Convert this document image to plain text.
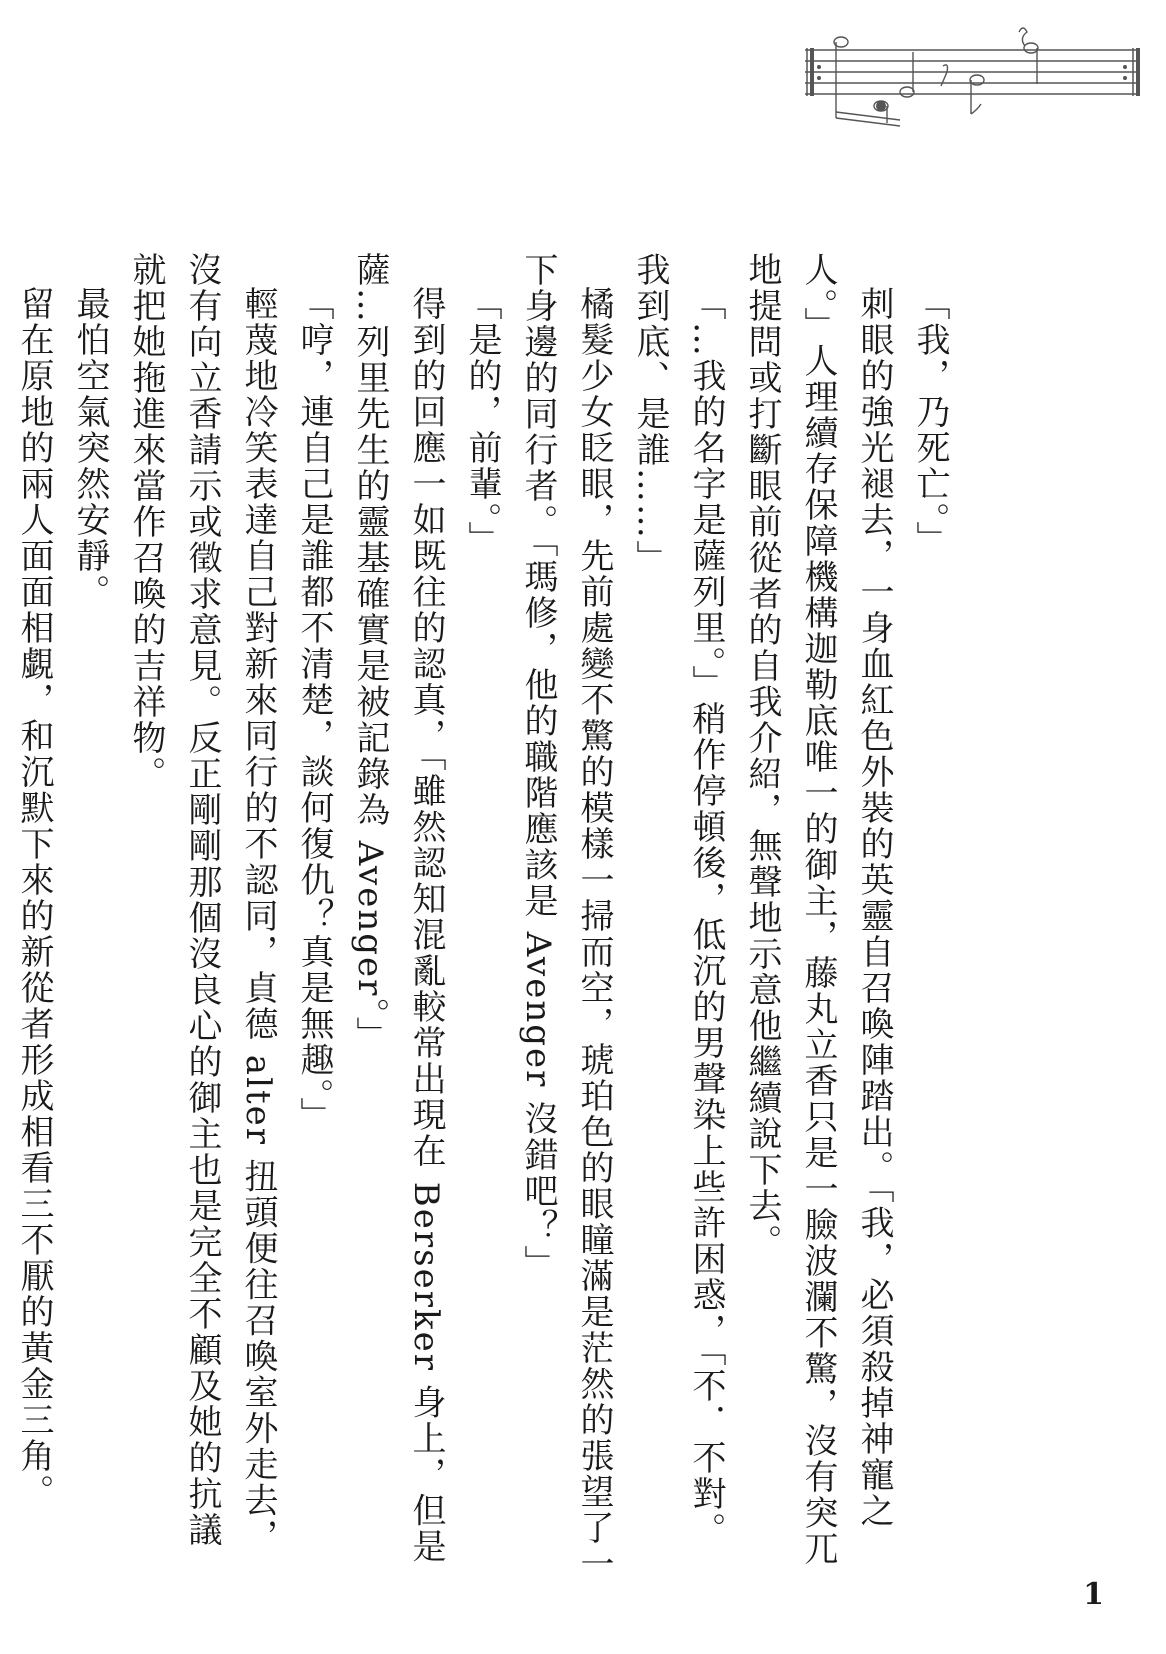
「我，乃死亡。」

刺眼的強光褪去，一身血紅色外裝的英靈自召喚陣踏出。「我，必須殺掉神寵之人。」人理續存保障機構迦勒底唯一的御主，藤丸立香只是一臉波瀾不驚，沒有突兀地提問或打斷眼前從者的自我介紹，無聲地示意他繼續說下去。

「…我的名字是薩列里。」稍作停頓後，低沉的男聲染上些許困惑，「不．不對。我到底、是誰……」

橘髮少女眨眼，先前處變不驚的模樣一掃而空，琥珀色的眼瞳滿是茫然的張望了一下身邊的同行者。「瑪修，他的職階應該是 Avenger 沒錯吧？」

「是的，前輩。」

得到的回應一如既往的認真，「雖然認知混亂較常出現在 Berserker 身上，但是薩…列里先生的靈基確實是被記錄為 Avenger。」

「哼，連自己是誰都不清楚，談何復仇？真是無趣。」

輕蔑地冷笑表達自己對新來同行的不認同，貞德 alter 扭頭便往召喚室外走去，沒有向立香請示或徵求意見。反正剛剛那個沒良心的御主也是完全不顧及她的抗議就把她拖進來當作召喚的吉祥物。

最怕空氣突然安靜。

留在原地的兩人面面相覷，和沉默下來的新從者形成相看三不厭的黃金三角。

1
